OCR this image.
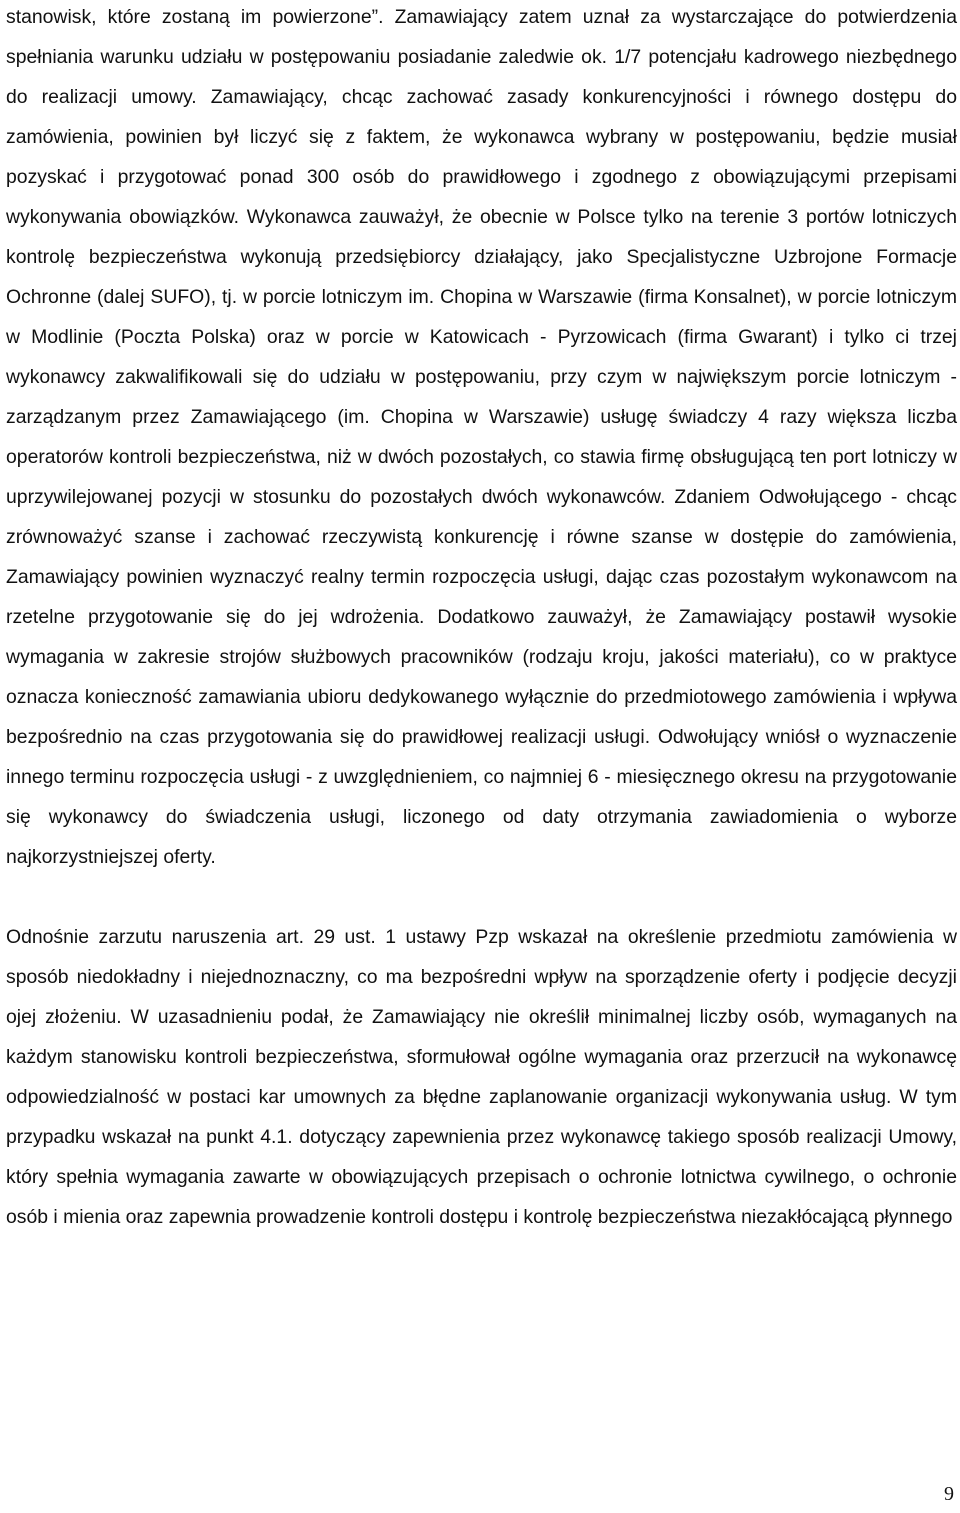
stanowisk, które zostaną im powierzone”. Zamawiający zatem uznał za wystarczające do potwierdzenia spełniania warunku udziału w postępowaniu posiadanie zaledwie ok. 1/7 potencjału kadrowego niezbędnego do realizacji umowy. Zamawiający, chcąc zachować zasady konkurencyjności i równego dostępu do zamówienia, powinien był liczyć się z faktem, że wykonawca wybrany w postępowaniu, będzie musiał pozyskać i przygotować ponad 300 osób do prawidłowego i zgodnego z obowiązującymi przepisami wykonywania obowiązków. Wykonawca zauważył, że obecnie w Polsce tylko na terenie 3 portów lotniczych kontrolę bezpieczeństwa wykonują przedsiębiorcy działający, jako Specjalistyczne Uzbrojone Formacje Ochronne (dalej SUFO), tj. w porcie lotniczym im. Chopina w Warszawie (firma Konsalnet), w porcie lotniczym w Modlinie (Poczta Polska) oraz w porcie w Katowicach - Pyrzowicach (firma Gwarant) i tylko ci trzej wykonawcy zakwalifikowali się do udziału w postępowaniu, przy czym w największym porcie lotniczym -zarządzanym przez Zamawiającego (im. Chopina w Warszawie) usługę świadczy 4 razy większa liczba operatorów kontroli bezpieczeństwa, niż w dwóch pozostałych, co stawia firmę obsługującą ten port lotniczy w uprzywilejowanej pozycji w stosunku do pozostałych dwóch wykonawców. Zdaniem Odwołującego - chcąc zrównoważyć szanse i zachować rzeczywistą konkurencję i równe szanse w dostępie do zamówienia, Zamawiający powinien wyznaczyć realny termin rozpoczęcia usługi, dając czas pozostałym wykonawcom na rzetelne przygotowanie się do jej wdrożenia. Dodatkowo zauważył, że Zamawiający postawił wysokie wymagania w zakresie strojów służbowych pracowników (rodzaju kroju, jakości materiału), co w praktyce oznacza konieczność zamawiania ubioru dedykowanego wyłącznie do przedmiotowego zamówienia i wpływa bezpośrednio na czas przygotowania się do prawidłowej realizacji usługi. Odwołujący wniósł o wyznaczenie innego terminu rozpoczęcia usługi - z uwzględnieniem, co najmniej 6 - miesięcznego okresu na przygotowanie się wykonawcy do świadczenia usługi, liczonego od daty otrzymania zawiadomienia o wyborze najkorzystniejszej oferty.

Odnośnie zarzutu naruszenia art. 29 ust. 1 ustawy Pzp wskazał na określenie przedmiotu zamówienia w sposób niedokładny i niejednoznaczny, co ma bezpośredni wpływ na sporządzenie oferty i podjęcie decyzji ojej złożeniu. W uzasadnieniu podał, że Zamawiający nie określił minimalnej liczby osób, wymaganych na każdym stanowisku kontroli bezpieczeństwa, sformułował ogólne wymagania oraz przerzucił na wykonawcę odpowiedzialność w postaci kar umownych za błędne zaplanowanie organizacji wykonywania usług. W tym przypadku wskazał na punkt 4.1. dotyczący zapewnienia przez wykonawcę takiego sposób realizacji Umowy, który spełnia wymagania zawarte w obowiązujących przepisach o ochronie lotnictwa cywilnego, o ochronie osób i mienia oraz zapewnia prowadzenie kontroli dostępu i kontrolę bezpieczeństwa niezakłócającą płynnego

9
